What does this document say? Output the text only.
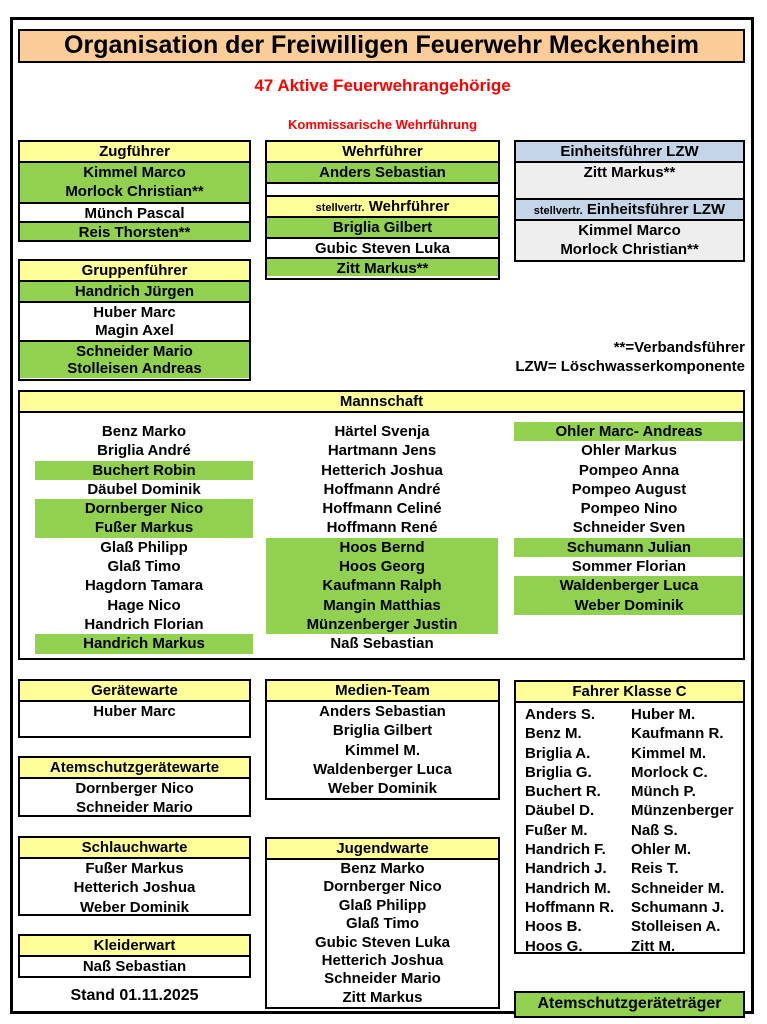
Organisation der Freiwilligen Feuerwehr Meckenheim
47 Aktive Feuerwehrangehörige
Kommissarische Wehrführung
Zugführer
Kimmel Marco
Morlock Christian**
Münch Pascal
Reis Thorsten**
Gruppenführer
Handrich Jürgen
Huber Marc
Magin Axel
Schneider Mario
Stolleisen Andreas
Wehrführer
Anders Sebastian

stellvertr. Wehrführer
Briglia Gilbert
Gubic Steven Luka
Zitt Markus**
Einheitsführer LZW
Zitt Markus**

stellvertr. Einheitsführer LZW
Kimmel Marco
Morlock Christian**
**=Verbandsführer
LZW= Löschwasserkomponente
Mannschaft
Benz Marko
Briglia André
Buchert Robin
Däubel Dominik
Dornberger Nico
Fußer Markus
Glaß Philipp
Glaß Timo
Hagdorn Tamara
Hage Nico
Handrich Florian
Handrich Markus
Härtel Svenja
Hartmann Jens
Hetterich Joshua
Hoffmann André
Hoffmann Celiné
Hoffmann René
Hoos Bernd
Hoos Georg
Kaufmann Ralph
Mangin Matthias
Münzenberger Justin
Naß Sebastian
Ohler Marc- Andreas
Ohler Markus
Pompeo Anna
Pompeo August
Pompeo Nino
Schneider Sven
Schumann Julian
Sommer Florian
Waldenberger Luca
Weber Dominik
Gerätewarte
Huber Marc
Atemschutzgerätewarte
Dornberger Nico
Schneider Mario
Schlauchwarte
Fußer Markus
Hetterich Joshua
Weber Dominik
Kleiderwart
Naß Sebastian
Stand 01.11.2025
Medien-Team
Anders Sebastian
Briglia Gilbert
Kimmel M.
Waldenberger Luca
Weber Dominik
Jugendwarte
Benz Marko
Dornberger Nico
Glaß Philipp
Glaß Timo
Gubic Steven Luka
Hetterich Joshua
Schneider Mario
Zitt Markus
Fahrer Klasse C
Anders S.
Benz M.
Briglia A.
Briglia G.
Buchert R.
Däubel D.
Fußer M.
Handrich F.
Handrich J.
Handrich M.
Hoffmann R.
Hoos B.
Hoos G.
Huber M.
Kaufmann R.
Kimmel M.
Morlock C.
Münch P.
Münzenberger
Naß S.
Ohler M.
Reis T.
Schneider M.
Schumann J.
Stolleisen A.
Zitt M.
Atemschutzgeräteträger
